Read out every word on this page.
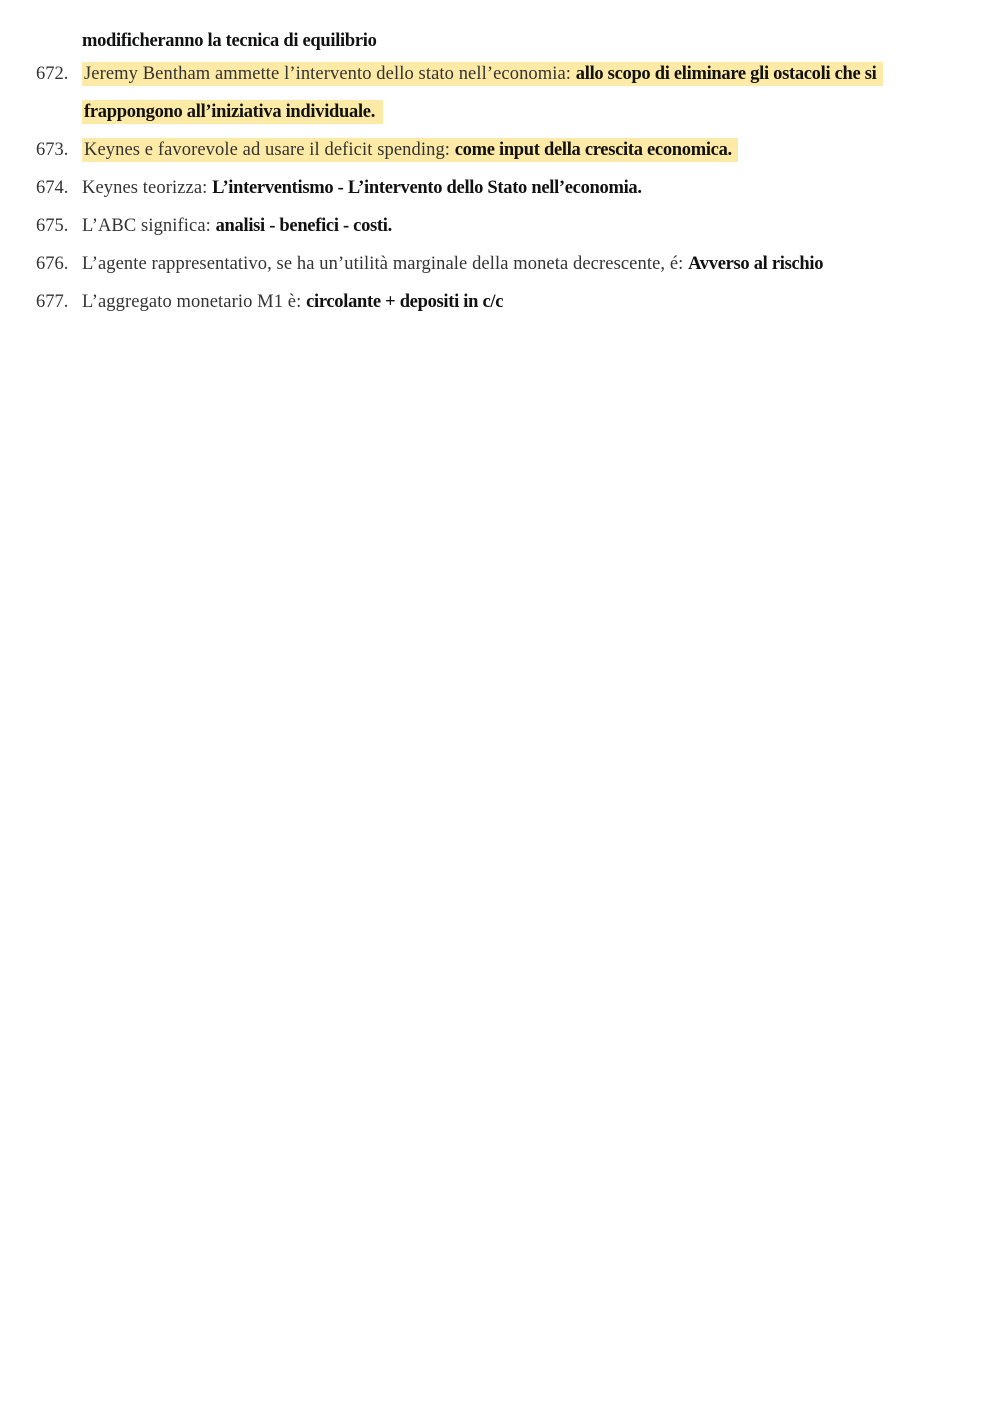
modificheranno la tecnica di equilibrio
672. Jeremy Bentham ammette l’intervento dello stato nell’economia: allo scopo di eliminare gli ostacoli che si
frappongono all’iniziativa individuale.
673. Keynes e favorevole ad usare il deficit spending: come input della crescita economica.
674. Keynes teorizza: L’interventismo - L’intervento dello Stato nell’economia.
675. L’ABC significa: analisi - benefici - costi.
676. L’agente rappresentativo, se ha un’utilità marginale della moneta decrescente, é: Avverso al rischio
677. L’aggregato monetario M1 è: circolante + depositi in c/c
